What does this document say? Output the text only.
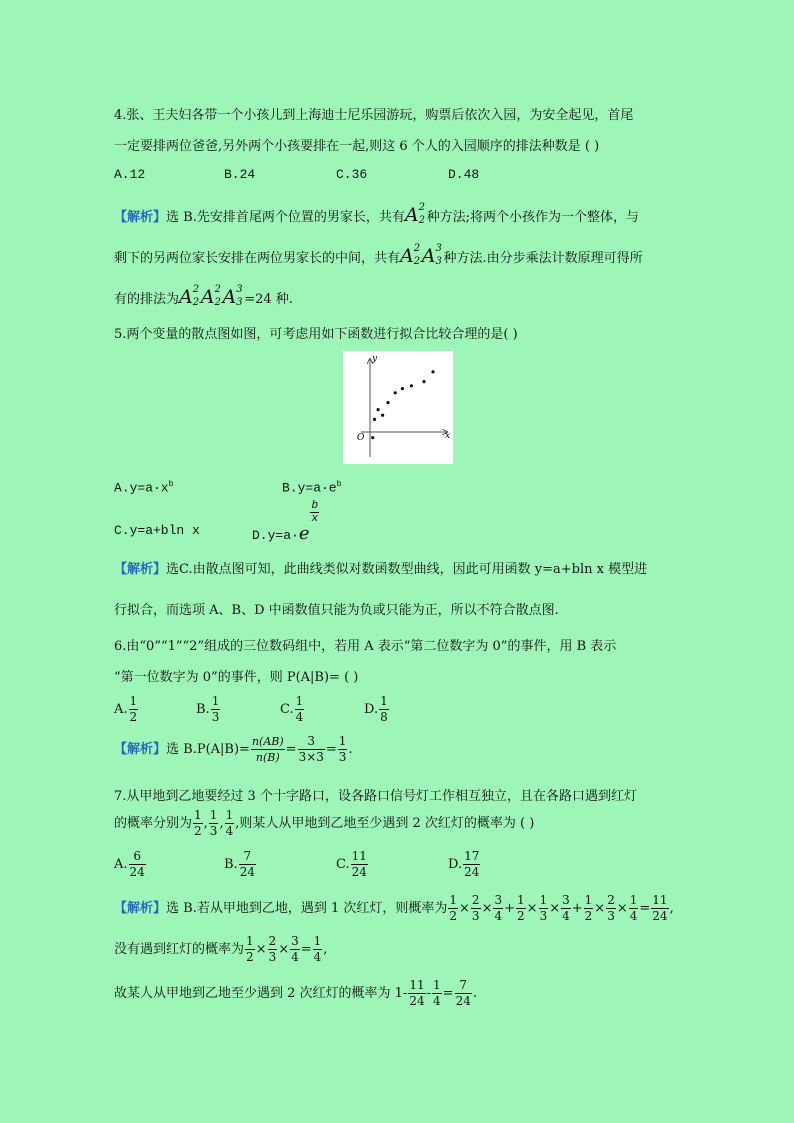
4.张、王夫妇各带一个小孩儿到上海迪士尼乐园游玩，购票后依次入园，为安全起见，首尾
一定要排两位爸爸,另外两个小孩要排在一起,则这 6 个人的入园顺序的排法种数是 ( )
A.12	B.24	C.36	D.48
【解析】选 B.先安排首尾两个位置的男家长，共有A 2
2 种方法;将两个小孩作为一个整体，与
剩下的另两位家长安排在两位男家长的中间，共有A 2
2 A 3
3 种方法.由分步乘法计数原理可得所
有的排法为A 2
2 A 2
2 A 3
3 =24 种.
5.两个变量的散点图如图，可考虑用如下函数进行拟合比较合理的是( )
O	x
y
$A.y=a\cdot x^b$	$B.y=a\cdot e^b$
C.y=a+bln x	D.y=a·e
$\frac{b}{x}$
【解析】选C.由散点图可知，此曲线类似对数函数型曲线，因此可用函数 y=a+bln x 模型进
行拟合，而选项 A、B、D 中函数值只能为负或只能为正，所以不符合散点图.
6.由“0”“1”“2”组成的三位数码组中，若用 A 表示“第二位数字为 0”的事件，用 B 表示
“第一位数字为 0”的事件，则 P(A|B)= ( )
A. $\frac{1}{2}$	B. $\frac{1}{3}$	C. $\frac{1}{4}$	D. $\frac{1}{8}$
【解析】选 $B.P(A|B)= \frac{n(AB)}{n(B)} = \frac{3}{3\times 3} = \frac{1}{3}$ .
7.从甲地到乙地要经过 3 个十字路口，设各路口信号灯工作相互独立，且在各路口遇到红灯
的概率分别为 $\frac{1}{2}$ , $\frac{1}{3}$ , $\frac{1}{4}$ ,则某人从甲地到乙地至少遇到 2 次红灯的概率为 ( )
A. $\frac{6}{24}$	B. $\frac{7}{24}$	C. $\frac{11}{24}$	D. $\frac{17}{24}$
【解析】选 B.若从甲地到乙地，遇到 1 次红灯，则概率为 $\frac{1}{2} \times \frac{2}{3} \times \frac{3}{4} + \frac{1}{2} \times \frac{1}{3} \times \frac{3}{4} + \frac{1}{2} \times \frac{2}{3} \times \frac{1}{4} = \frac{11}{24}$ ,
没有遇到红灯的概率为 $\frac{1}{2} \times \frac{2}{3} \times \frac{3}{4} = \frac{1}{4}$ ,
故某人从甲地到乙地至少遇到 2 次红灯的概率为 $1- \frac{11}{24} - \frac{1}{4} = \frac{7}{24}$ .
